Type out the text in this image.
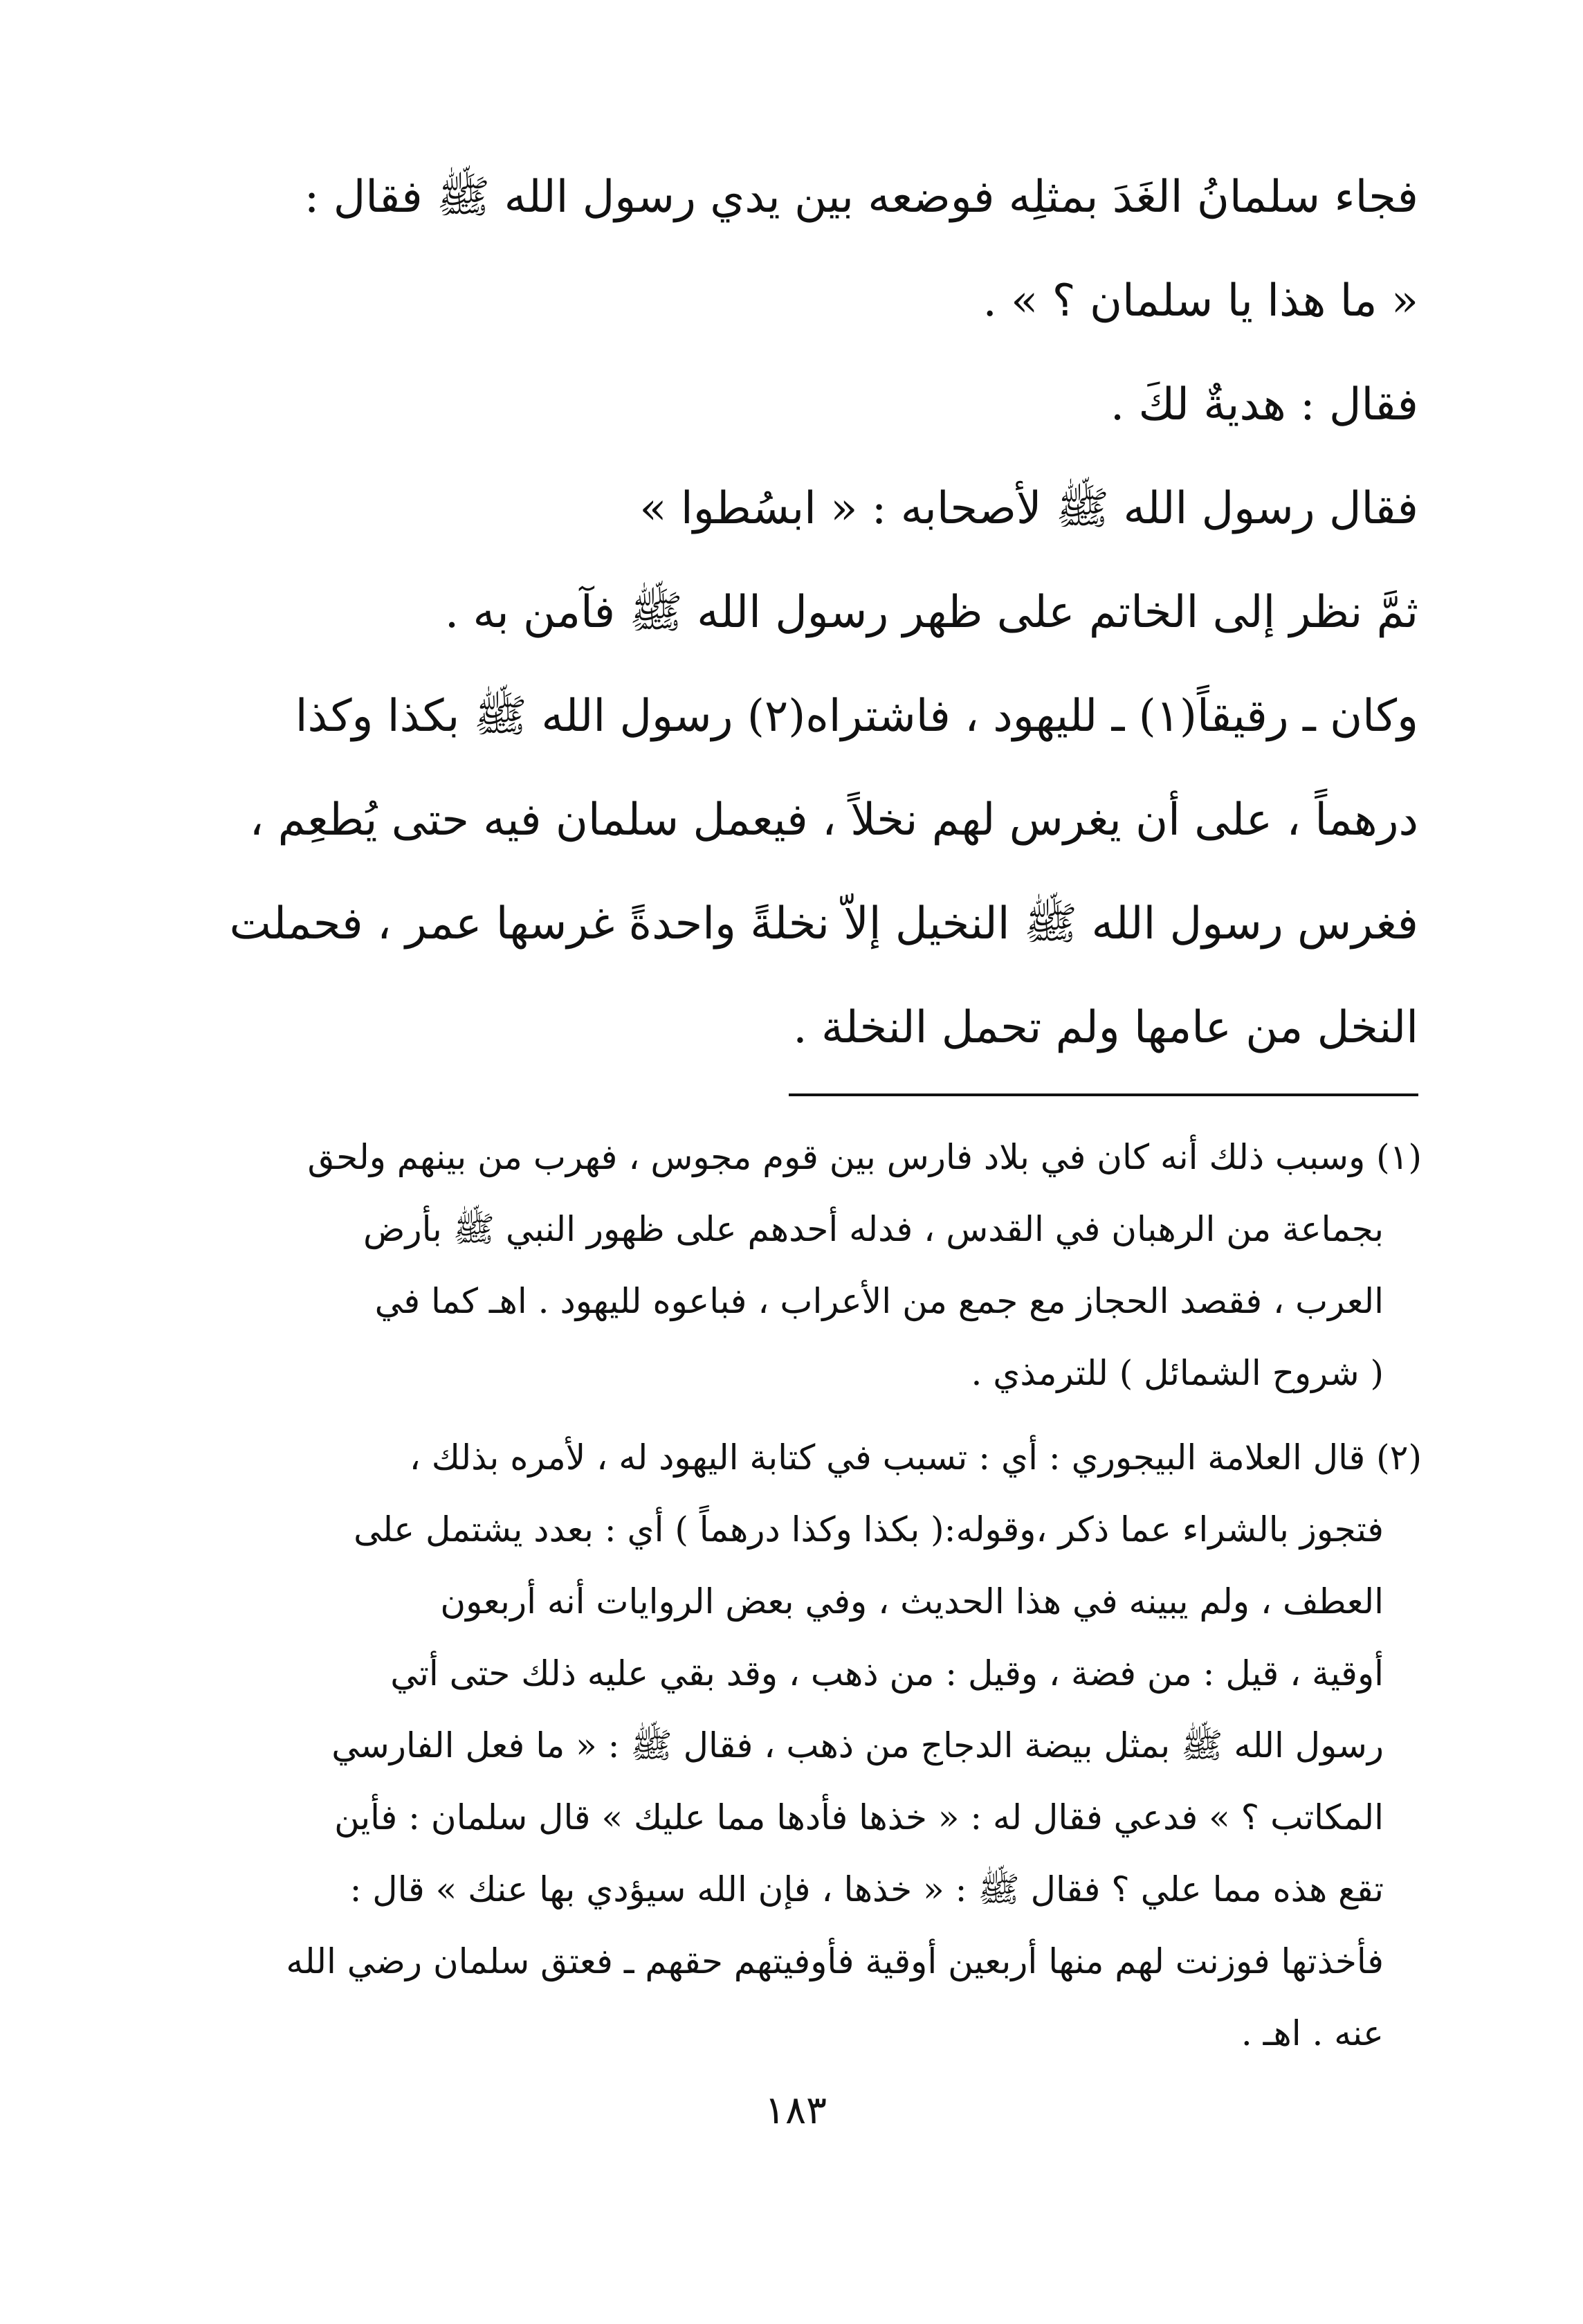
فجاء سلمانُ الغَدَ بمثلِه فوضعه بين يدي رسول الله ﷺ فقال :

« ما هذا يا سلمان ؟ » .

فقال : هديةٌ لكَ .

فقال رسول الله ﷺ لأصحابه : « ابسُطوا »

ثمَّ نظر إلى الخاتم على ظهر رسول الله ﷺ فآمن به .

وكان ـ رقيقاً(١) ـ لليهود ، فاشتراه(٢) رسول الله ﷺ بكذا وكذا

درهماً ، على أن يغرس لهم نخلاً ، فيعمل سلمان فيه حتى يُطعِم ،

فغرس رسول الله ﷺ النخيل إلاّ نخلةً واحدةً غرسها عمر ، فحملت

النخل من عامها ولم تحمل النخلة .

(١) وسبب ذلك أنه كان في بلاد فارس بين قوم مجوس ، فهرب من بينهم ولحق

بجماعة من الرهبان في القدس ، فدله أحدهم على ظهور النبي ﷺ بأرض

العرب ، فقصد الحجاز مع جمع من الأعراب ، فباعوه لليهود . اهـ كما في

( شروح الشمائل ) للترمذي .

(٢) قال العلامة البيجوري : أي : تسبب في كتابة اليهود له ، لأمره بذلك ،

فتجوز بالشراء عما ذكر ،وقوله:( بكذا وكذا درهماً ) أي : بعدد يشتمل على

العطف ، ولم يبينه في هذا الحديث ، وفي بعض الروايات أنه أربعون

أوقية ، قيل : من فضة ، وقيل : من ذهب ، وقد بقي عليه ذلك حتى أتي

رسول الله ﷺ بمثل بيضة الدجاج من ذهب ، فقال ﷺ : « ما فعل الفارسي

المكاتب ؟ » فدعي فقال له : « خذها فأدها مما عليك » قال سلمان : فأين

تقع هذه مما علي ؟ فقال ﷺ : « خذها ، فإن الله سيؤدي بها عنك » قال :

فأخذتها فوزنت لهم منها أربعين أوقية فأوفيتهم حقهم ـ فعتق سلمان رضي الله

عنه . اهـ .

١٨٣
